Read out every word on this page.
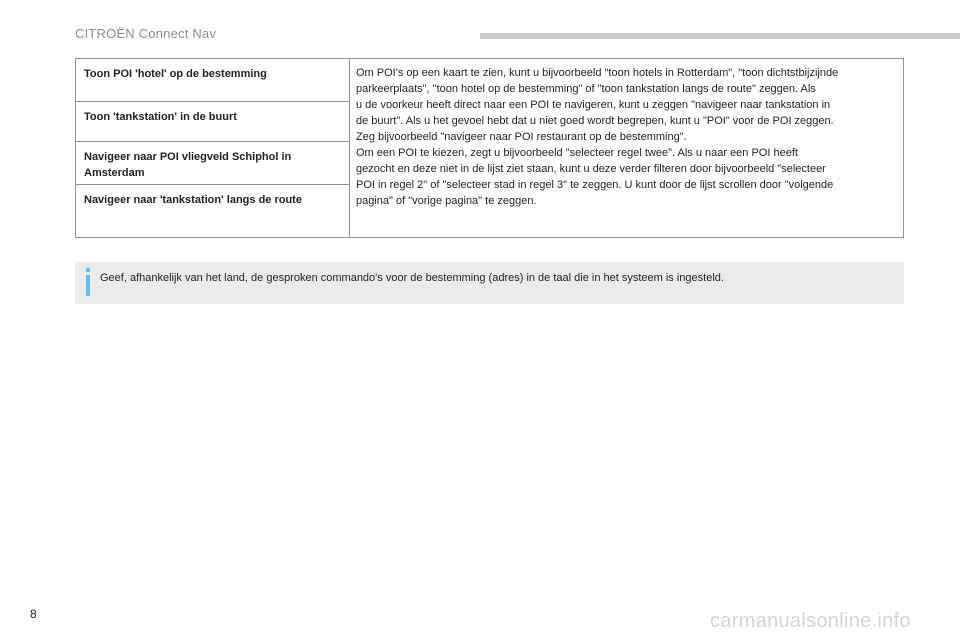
CITROËN Connect Nav
Toon POI 'hotel' op de bestemming
Toon 'tankstation' in de buurt
Navigeer naar POI vliegveld Schiphol in Amsterdam
Navigeer naar 'tankstation' langs de route
Om POI's op een kaart te zien, kunt u bijvoorbeeld "toon hotels in Rotterdam", "toon dichtstbijzijnde
parkeerplaats", "toon hotel op de bestemming" of "toon tankstation langs de route" zeggen. Als
u de voorkeur heeft direct naar een POI te navigeren, kunt u zeggen "navigeer naar tankstation in
de buurt". Als u het gevoel hebt dat u niet goed wordt begrepen, kunt u "POI" voor de POI zeggen.
Zeg bijvoorbeeld "navigeer naar POI restaurant op de bestemming".
Om een POI te kiezen, zegt u bijvoorbeeld "selecteer regel twee". Als u naar een POI heeft
gezocht en deze niet in de lijst ziet staan, kunt u deze verder filteren door bijvoorbeeld "selecteer
POI in regel 2" of "selecteer stad in regel 3" te zeggen. U kunt door de lijst scrollen door "volgende
pagina" of "vorige pagina" te zeggen.
Geef, afhankelijk van het land, de gesproken commando's voor de bestemming (adres) in de taal die in het systeem is ingesteld.
8	carmanualsonline.info
